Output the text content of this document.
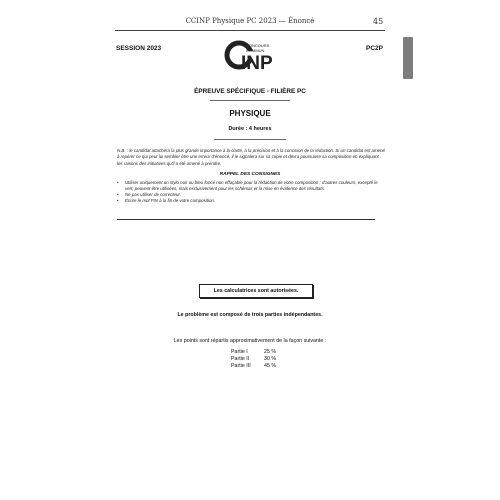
CCINP Physique PC 2023 — Énoncé	45
SESSION 2023	PC2P
CONCOURS
COMMUN
INP
ÉPREUVE SPÉCIFIQUE - FILIÈRE PC
PHYSIQUE
Durée : 4 heures
N.B. : le candidat attachera la plus grande importance à la clarté, à la précision et à la concision de la rédaction. Si un candidat est amené à repérer ce qui peut lui sembler être une erreur d'énoncé, il le signalera sur sa copie et devra poursuivre sa composition en expliquant les raisons des initiatives qu'il a été amené à prendre.
RAPPEL DES CONSIGNES
• Utiliser uniquement un stylo noir ou bleu foncé non effaçable pour la rédaction de votre composition ; d'autres couleurs, excepté le vert, peuvent être utilisées, mais exclusivement pour les schémas et la mise en évidence des résultats.
• Ne pas utiliser de correcteur.
• Écrire le mot FIN à la fin de votre composition.
Les calculatrices sont autorisées.
Le problème est composé de trois parties indépendantes.
Les points sont répartis approximativement de la façon suivante :
Partie I	25 %
Partie II	30 %
Partie III	45 %
